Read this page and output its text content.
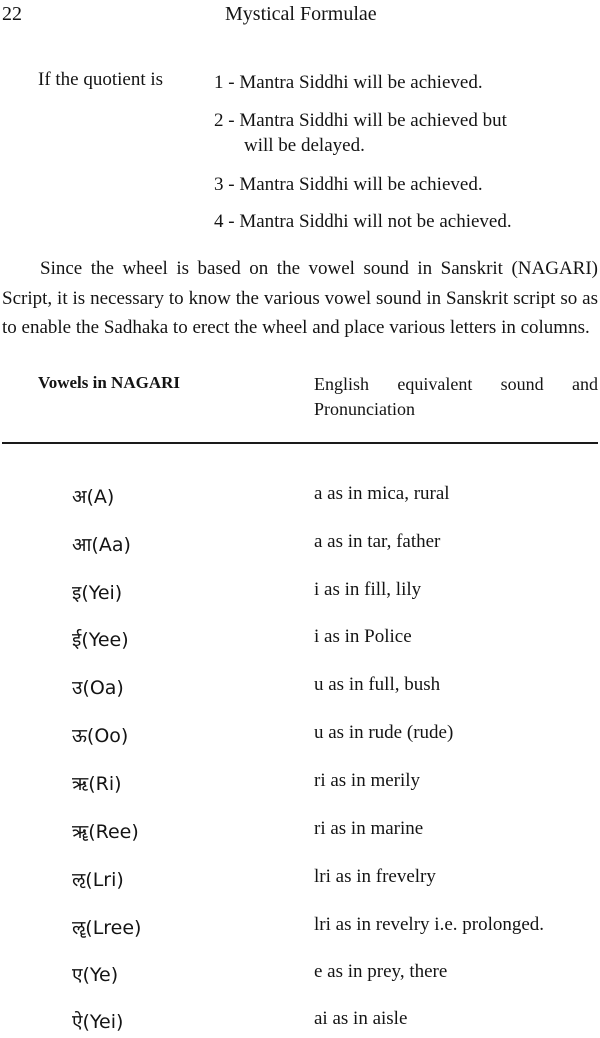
22	Mystical Formulae
If the quotient is	1 - Mantra Siddhi will be achieved.
2 - Mantra Siddhi will be achieved but
will be delayed.
3 - Mantra Siddhi will be achieved.
4 - Mantra Siddhi will not be achieved.

Since the wheel is based on the vowel sound in Sanskrit (NAGARI) Script, it is necessary to know the various vowel sound in Sanskrit script so as to enable the Sadhaka to erect the wheel and place various letters in columns.

Vowels in NAGARI	English equivalent sound and
Pronunciation
अ(A)	a as in mica, rural
आ(Aa)	a as in tar, father
इ(Yei)	i as in fill, lily
ई(Yee)	i as in Police
उ(Oa)	u as in full, bush
ऊ(Oo)	u as in rude (rude)
ऋ(Ri)	ri as in merily
ॠ(Ree)	ri as in marine
ऌ(Lri)	lri as in frevelry
ॡ(Lree)	lri as in revelry i.e. prolonged.
ए(Ye)	e as in prey, there
ऐ(Yei)	ai as in aisle
